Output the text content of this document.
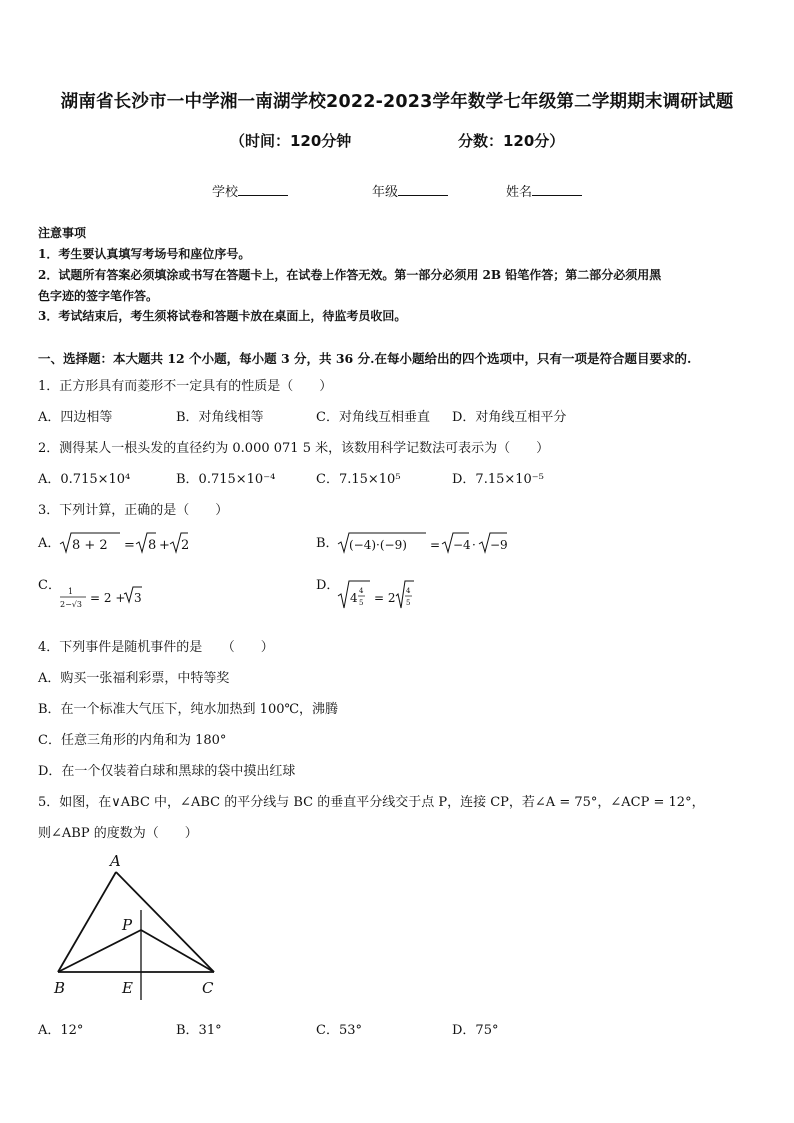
湖南省长沙市一中学湘一南湖学校2022-2023学年数学七年级第二学期期末调研试题
（时间：120分钟	分数：120分）
学校	年级	姓名
注意事项
1．考生要认真填写考场号和座位序号。
2．试题所有答案必须填涂或书写在答题卡上，在试卷上作答无效。第一部分必须用 2B 铅笔作答；第二部分必须用黑
色字迹的签字笔作答。
3．考试结束后，考生须将试卷和答题卡放在桌面上，待监考员收回。
一、选择题：本大题共 12 个小题，每小题 3 分，共 36 分.在每小题给出的四个选项中，只有一项是符合题目要求的.
1．正方形具有而菱形不一定具有的性质是（　　）
A．四边相等	B．对角线相等	C．对角线互相垂直 D．对角线互相平分
2．测得某人一根头发的直径约为 0.000 071 5 米，该数用科学记数法可表示为（　　）
A．0.715×10⁴	B．0.715×10⁻⁴	C．7.15×10⁵	D．7.15×10⁻⁵
3．下列计算，正确的是（　　）
A． 8 + 2 = 8 + 2	B． (−4)·(−9) = −4 · −9
C． 1
2−√3 = 2 + 3
D．
4 4
5 = 2 4
5
4．下列事件是随机事件的是　　（　　）
A．购买一张福利彩票，中特等奖
B．在一个标准大气压下，纯水加热到 100℃，沸腾
C．任意三角形的内角和为 180°
D．在一个仅装着白球和黑球的袋中摸出红球
5．如图，在∨ABC 中，∠ABC 的平分线与 BC 的垂直平分线交于点 P，连接 CP，若∠A = 75°，∠ACP = 12°，
则∠ABP 的度数为（　　）
A
P
B	E	C
A．12°	B．31°	C．53°	D．75°
